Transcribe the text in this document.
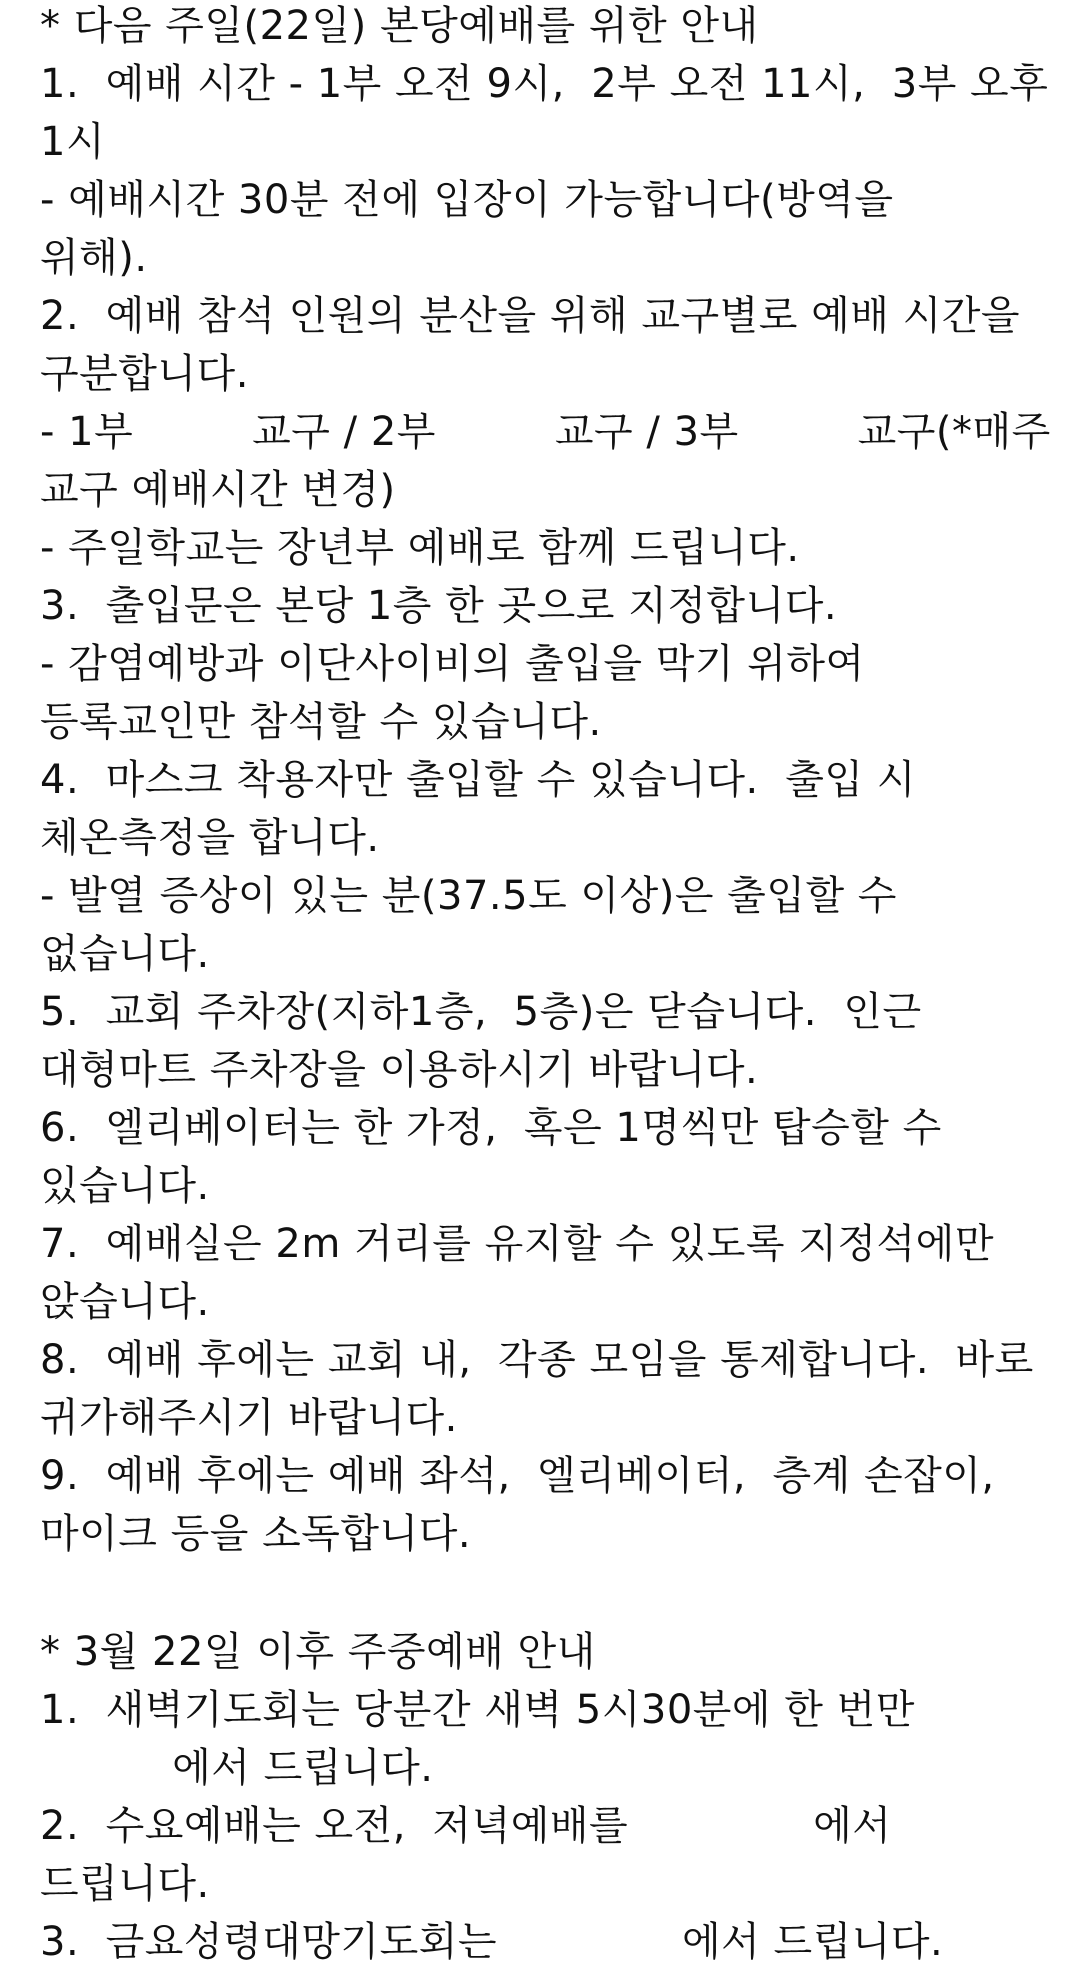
* 다음 주일(22일) 본당예배를 위한 안내
1.  예배 시간 - 1부 오전 9시,  2부 오전 11시,  3부 오후
1시
- 예배시간 30분 전에 입장이 가능합니다(방역을
위해).
2.  예배 참석 인원의 분산을 위해 교구별로 예배 시간을
구분합니다.
- 1부         교구 / 2부         교구 / 3부         교구(*매주
교구 예배시간 변경)
- 주일학교는 장년부 예배로 함께 드립니다.
3.  출입문은 본당 1층 한 곳으로 지정합니다.
- 감염예방과 이단사이비의 출입을 막기 위하여
등록교인만 참석할 수 있습니다.
4.  마스크 착용자만 출입할 수 있습니다.  출입 시
체온측정을 합니다.
- 발열 증상이 있는 분(37.5도 이상)은 출입할 수
없습니다.
5.  교회 주차장(지하1층,  5층)은 닫습니다.  인근
대형마트 주차장을 이용하시기 바랍니다.
6.  엘리베이터는 한 가정,  혹은 1명씩만 탑승할 수
있습니다.
7.  예배실은 2m 거리를 유지할 수 있도록 지정석에만
앉습니다.
8.  예배 후에는 교회 내,  각종 모임을 통제합니다.  바로
귀가해주시기 바랍니다.
9.  예배 후에는 예배 좌석,  엘리베이터,  층계 손잡이,
마이크 등을 소독합니다.
* 3월 22일 이후 주중예배 안내
1.  새벽기도회는 당분간 새벽 5시30분에 한 번만
에서 드립니다.
2.  수요예배는 오전,  저녁예배를              에서
드립니다.
3.  금요성령대망기도회는              에서 드립니다.
